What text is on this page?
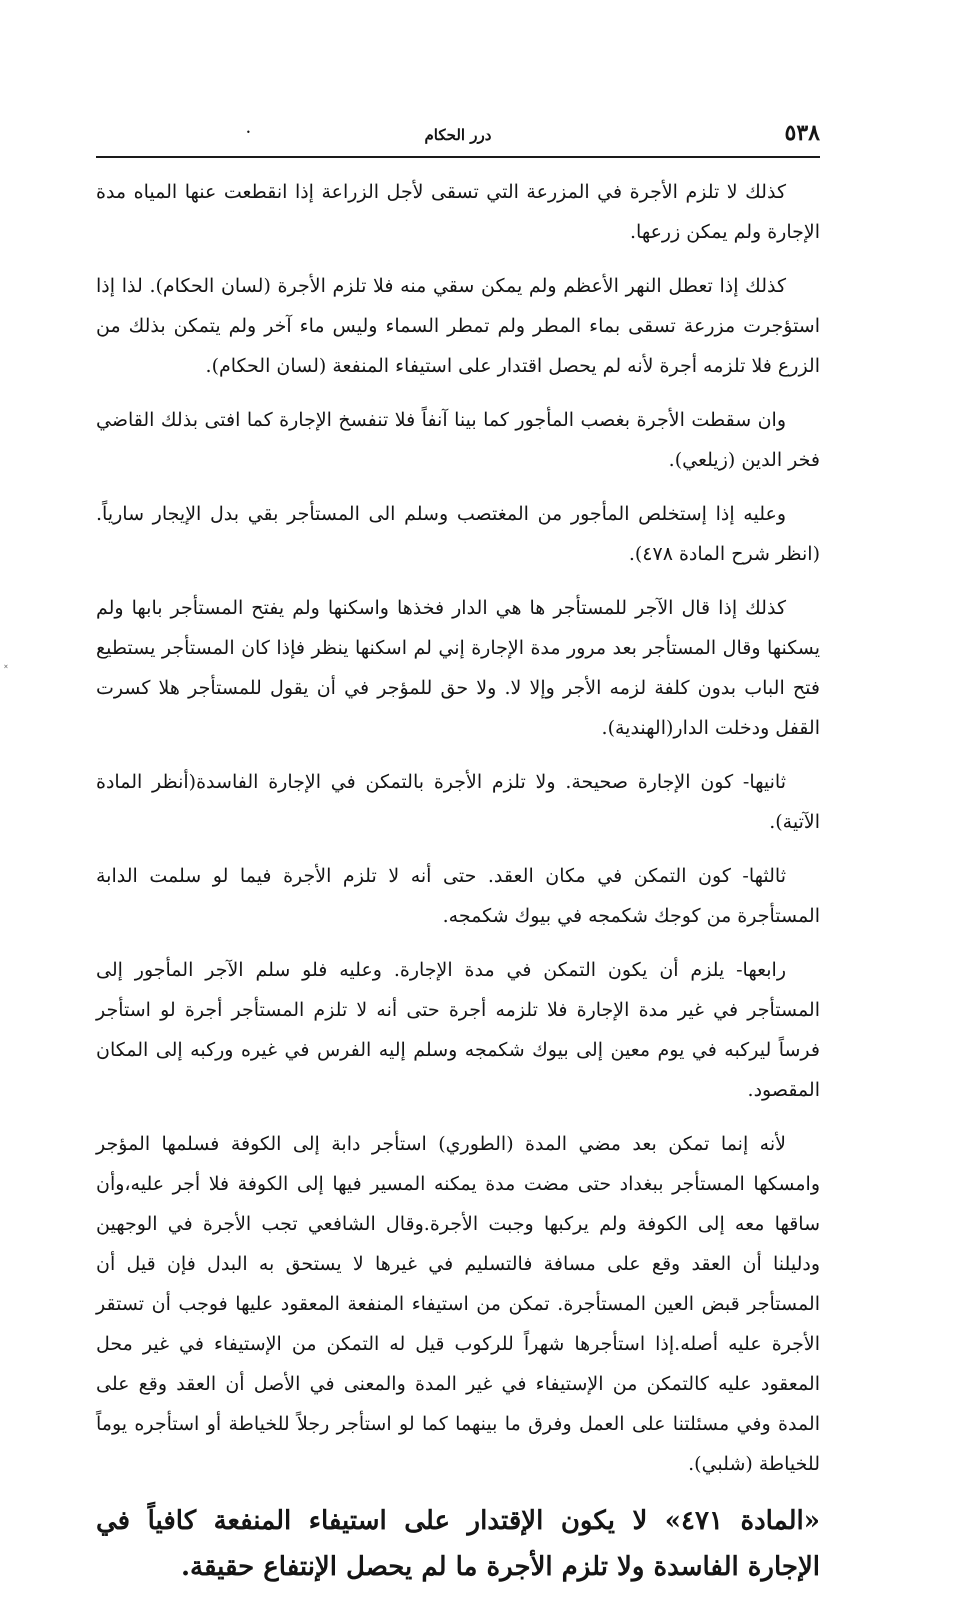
٥٣٨
درر الحكام
•
˟

كذلك لا تلزم الأجرة في المزرعة التي تسقى لأجل الزراعة إذا انقطعت عنها المياه مدة الإجارة ولم يمكن زرعها.

كذلك إذا تعطل النهر الأعظم ولم يمكن سقي منه فلا تلزم الأجرة (لسان الحكام). لذا إذا استؤجرت مزرعة تسقى بماء المطر ولم تمطر السماء وليس ماء آخر ولم يتمكن بذلك من الزرع فلا تلزمه أجرة لأنه لم يحصل اقتدار على استيفاء المنفعة (لسان الحكام).

وان سقطت الأجرة بغصب المأجور كما بينا آنفاً فلا تنفسخ الإجارة كما افتى بذلك القاضي فخر الدين (زيلعي).

وعليه إذا إستخلص المأجور من المغتصب وسلم الى المستأجر بقي بدل الإيجار سارياً. (انظر شرح المادة ٤٧٨).

كذلك إذا قال الآجر للمستأجر ها هي الدار فخذها واسكنها ولم يفتح المستأجر بابها ولم يسكنها وقال المستأجر بعد مرور مدة الإجارة إني لم اسكنها ينظر فإذا كان المستأجر يستطيع فتح الباب بدون كلفة لزمه الأجر وإلا لا. ولا حق للمؤجر في أن يقول للمستأجر هلا كسرت القفل ودخلت الدار(الهندية).

ثانيها- كون الإجارة صحيحة. ولا تلزم الأجرة بالتمكن في الإجارة الفاسدة(أنظر المادة الآتية).

ثالثها- كون التمكن في مكان العقد. حتى أنه لا تلزم الأجرة فيما لو سلمت الدابة المستأجرة من كوجك شكمجه في بيوك شكمجه.

رابعها- يلزم أن يكون التمكن في مدة الإجارة. وعليه فلو سلم الآجر المأجور إلى المستأجر في غير مدة الإجارة فلا تلزمه أجرة حتى أنه لا تلزم المستأجر أجرة لو استأجر فرساً ليركبه في يوم معين إلى بيوك شكمجه وسلم إليه الفرس في غيره وركبه إلى المكان المقصود.

لأنه إنما تمكن بعد مضي المدة (الطوري) استأجر دابة إلى الكوفة فسلمها المؤجر وامسكها المستأجر ببغداد حتى مضت مدة يمكنه المسير فيها إلى الكوفة فلا أجر عليه،وأن ساقها معه إلى الكوفة ولم يركبها وجبت الأجرة.وقال الشافعي تجب الأجرة في الوجهين ودليلنا أن العقد وقع على مسافة فالتسليم في غيرها لا يستحق به البدل فإن قيل أن المستأجر قبض العين المستأجرة. تمكن من استيفاء المنفعة المعقود عليها فوجب أن تستقر الأجرة عليه أصله.إذا استأجرها شهراً للركوب قيل له التمكن من الإستيفاء في غير محل المعقود عليه كالتمكن من الإستيفاء في غير المدة والمعنى في الأصل أن العقد وقع على المدة وفي مسئلتنا على العمل وفرق ما بينهما كما لو استأجر رجلاً للخياطة أو استأجره يوماً للخياطة (شلبي).

«المادة ٤٧١» لا يكون الإقتدار على استيفاء المنفعة كافياً في الإجارة الفاسدة ولا تلزم الأجرة ما لم يحصل الإنتفاع حقيقة.
